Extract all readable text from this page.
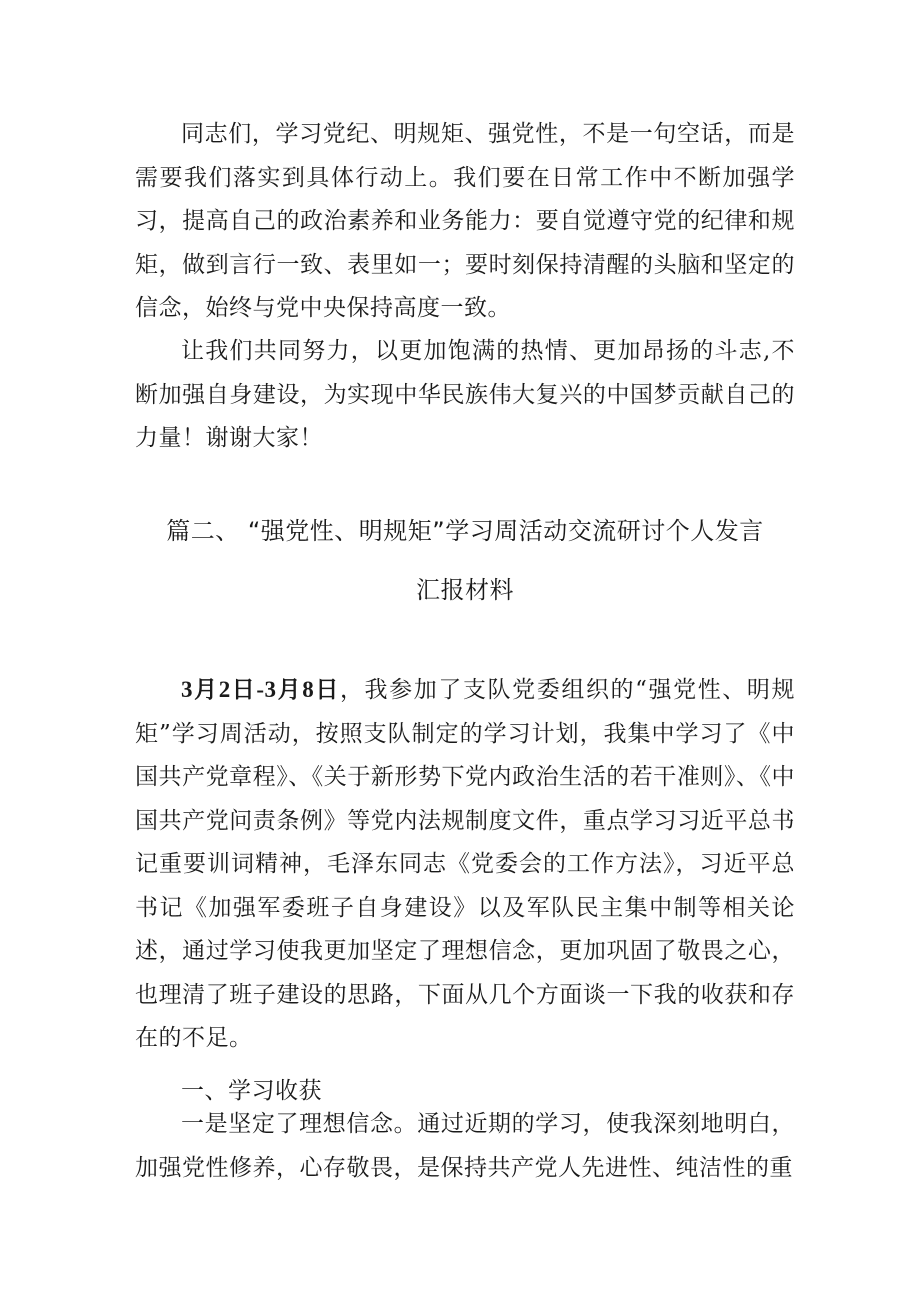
同志们，学习党纪、明规矩、强党性，不是一句空话，而是需要我们落实到具体行动上。我们要在日常工作中不断加强学习，提高自己的政治素养和业务能力：要自觉遵守党的纪律和规矩，做到言行一致、表里如一；要时刻保持清醒的头脑和坚定的信念，始终与党中央保持高度一致。

让我们共同努力，以更加饱满的热情、更加昂扬的斗志,不断加强自身建设，为实现中华民族伟大复兴的中国梦贡献自己的力量！谢谢大家！

篇二、 “强党性、明规矩”学习周活动交流研讨个人发言
汇报材料

3月2日-3月8日，我参加了支队党委组织的“强党性、明规矩”学习周活动，按照支队制定的学习计划，我集中学习了《中国共产党章程》、《关于新形势下党内政治生活的若干准则》、《中国共产党问责条例》等党内法规制度文件，重点学习习近平总书记重要训词精神，毛泽东同志《党委会的工作方法》，习近平总书记《加强军委班子自身建设》以及军队民主集中制等相关论述，通过学习使我更加坚定了理想信念，更加巩固了敬畏之心，也理清了班子建设的思路，下面从几个方面谈一下我的收获和存在的不足。

一、学习收获

一是坚定了理想信念。通过近期的学习，使我深刻地明白，加强党性修养，心存敬畏，是保持共产党人先进性、纯洁性的重
